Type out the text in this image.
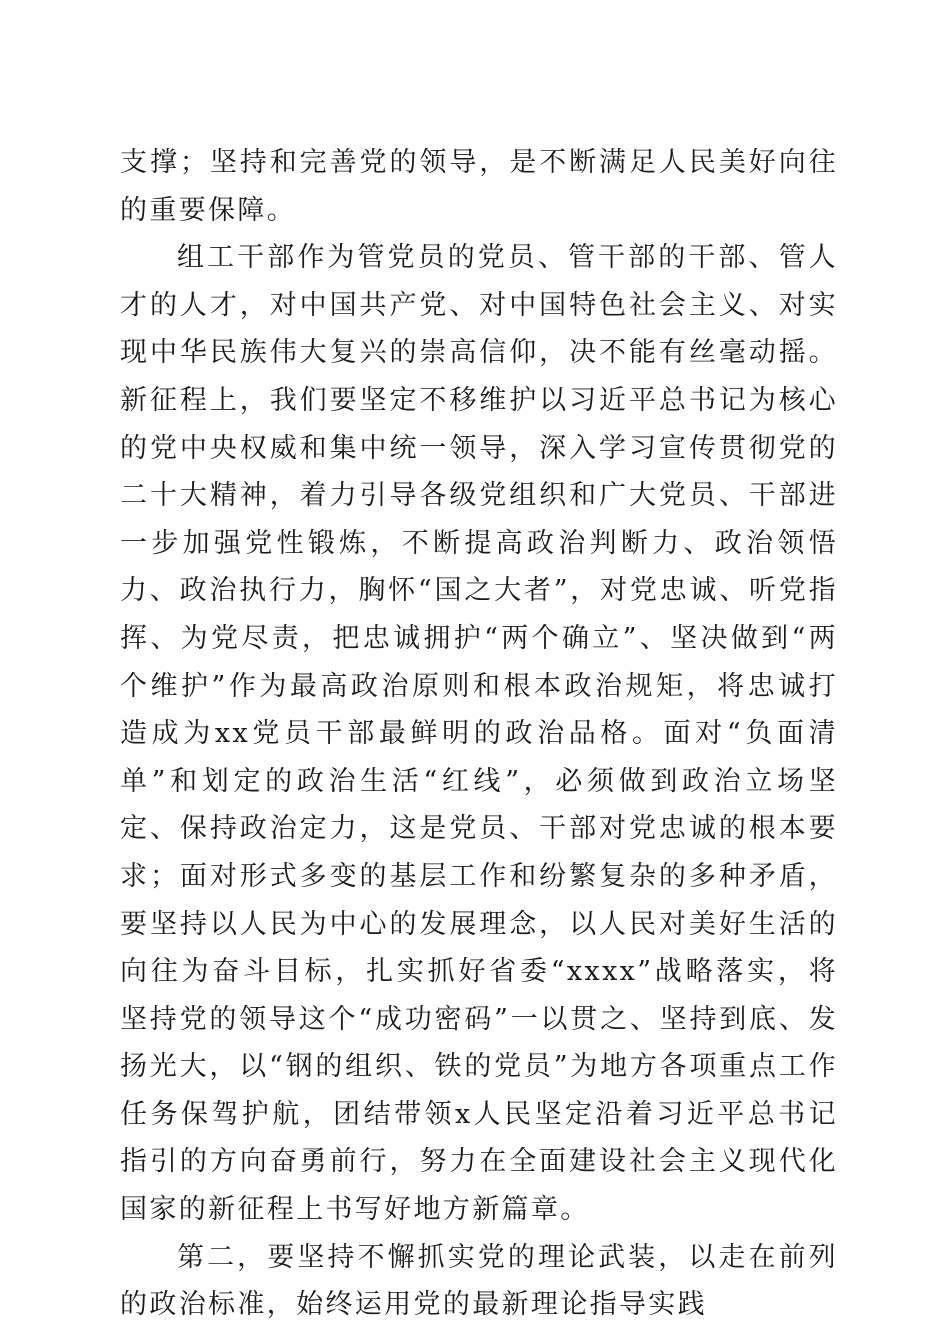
支撑；坚持和完善党的领导，是不断满足人民美好向往的重要保障。

组工干部作为管党员的党员、管干部的干部、管人才的人才，对中国共产党、对中国特色社会主义、对实现中华民族伟大复兴的崇高信仰，决不能有丝毫动摇。新征程上，我们要坚定不移维护以习近平总书记为核心的党中央权威和集中统一领导，深入学习宣传贯彻党的二十大精神，着力引导各级党组织和广大党员、干部进一步加强党性锻炼，不断提高政治判断力、政治领悟力、政治执行力，胸怀“国之大者”，对党忠诚、听党指挥、为党尽责，把忠诚拥护“两个确立”、坚决做到“两个维护”作为最高政治原则和根本政治规矩，将忠诚打造成为xx党员干部最鲜明的政治品格。面对“负面清单”和划定的政治生活“红线”，必须做到政治立场坚定、保持政治定力，这是党员、干部对党忠诚的根本要求；面对形式多变的基层工作和纷繁复杂的多种矛盾，要坚持以人民为中心的发展理念，以人民对美好生活的向往为奋斗目标，扎实抓好省委“xxxx”战略落实，将坚持党的领导这个“成功密码”一以贯之、坚持到底、发扬光大，以“钢的组织、铁的党员”为地方各项重点工作任务保驾护航，团结带领x人民坚定沿着习近平总书记指引的方向奋勇前行，努力在全面建设社会主义现代化国家的新征程上书写好地方新篇章。

第二，要坚持不懈抓实党的理论武装，以走在前列的政治标准，始终运用党的最新理论指导实践
